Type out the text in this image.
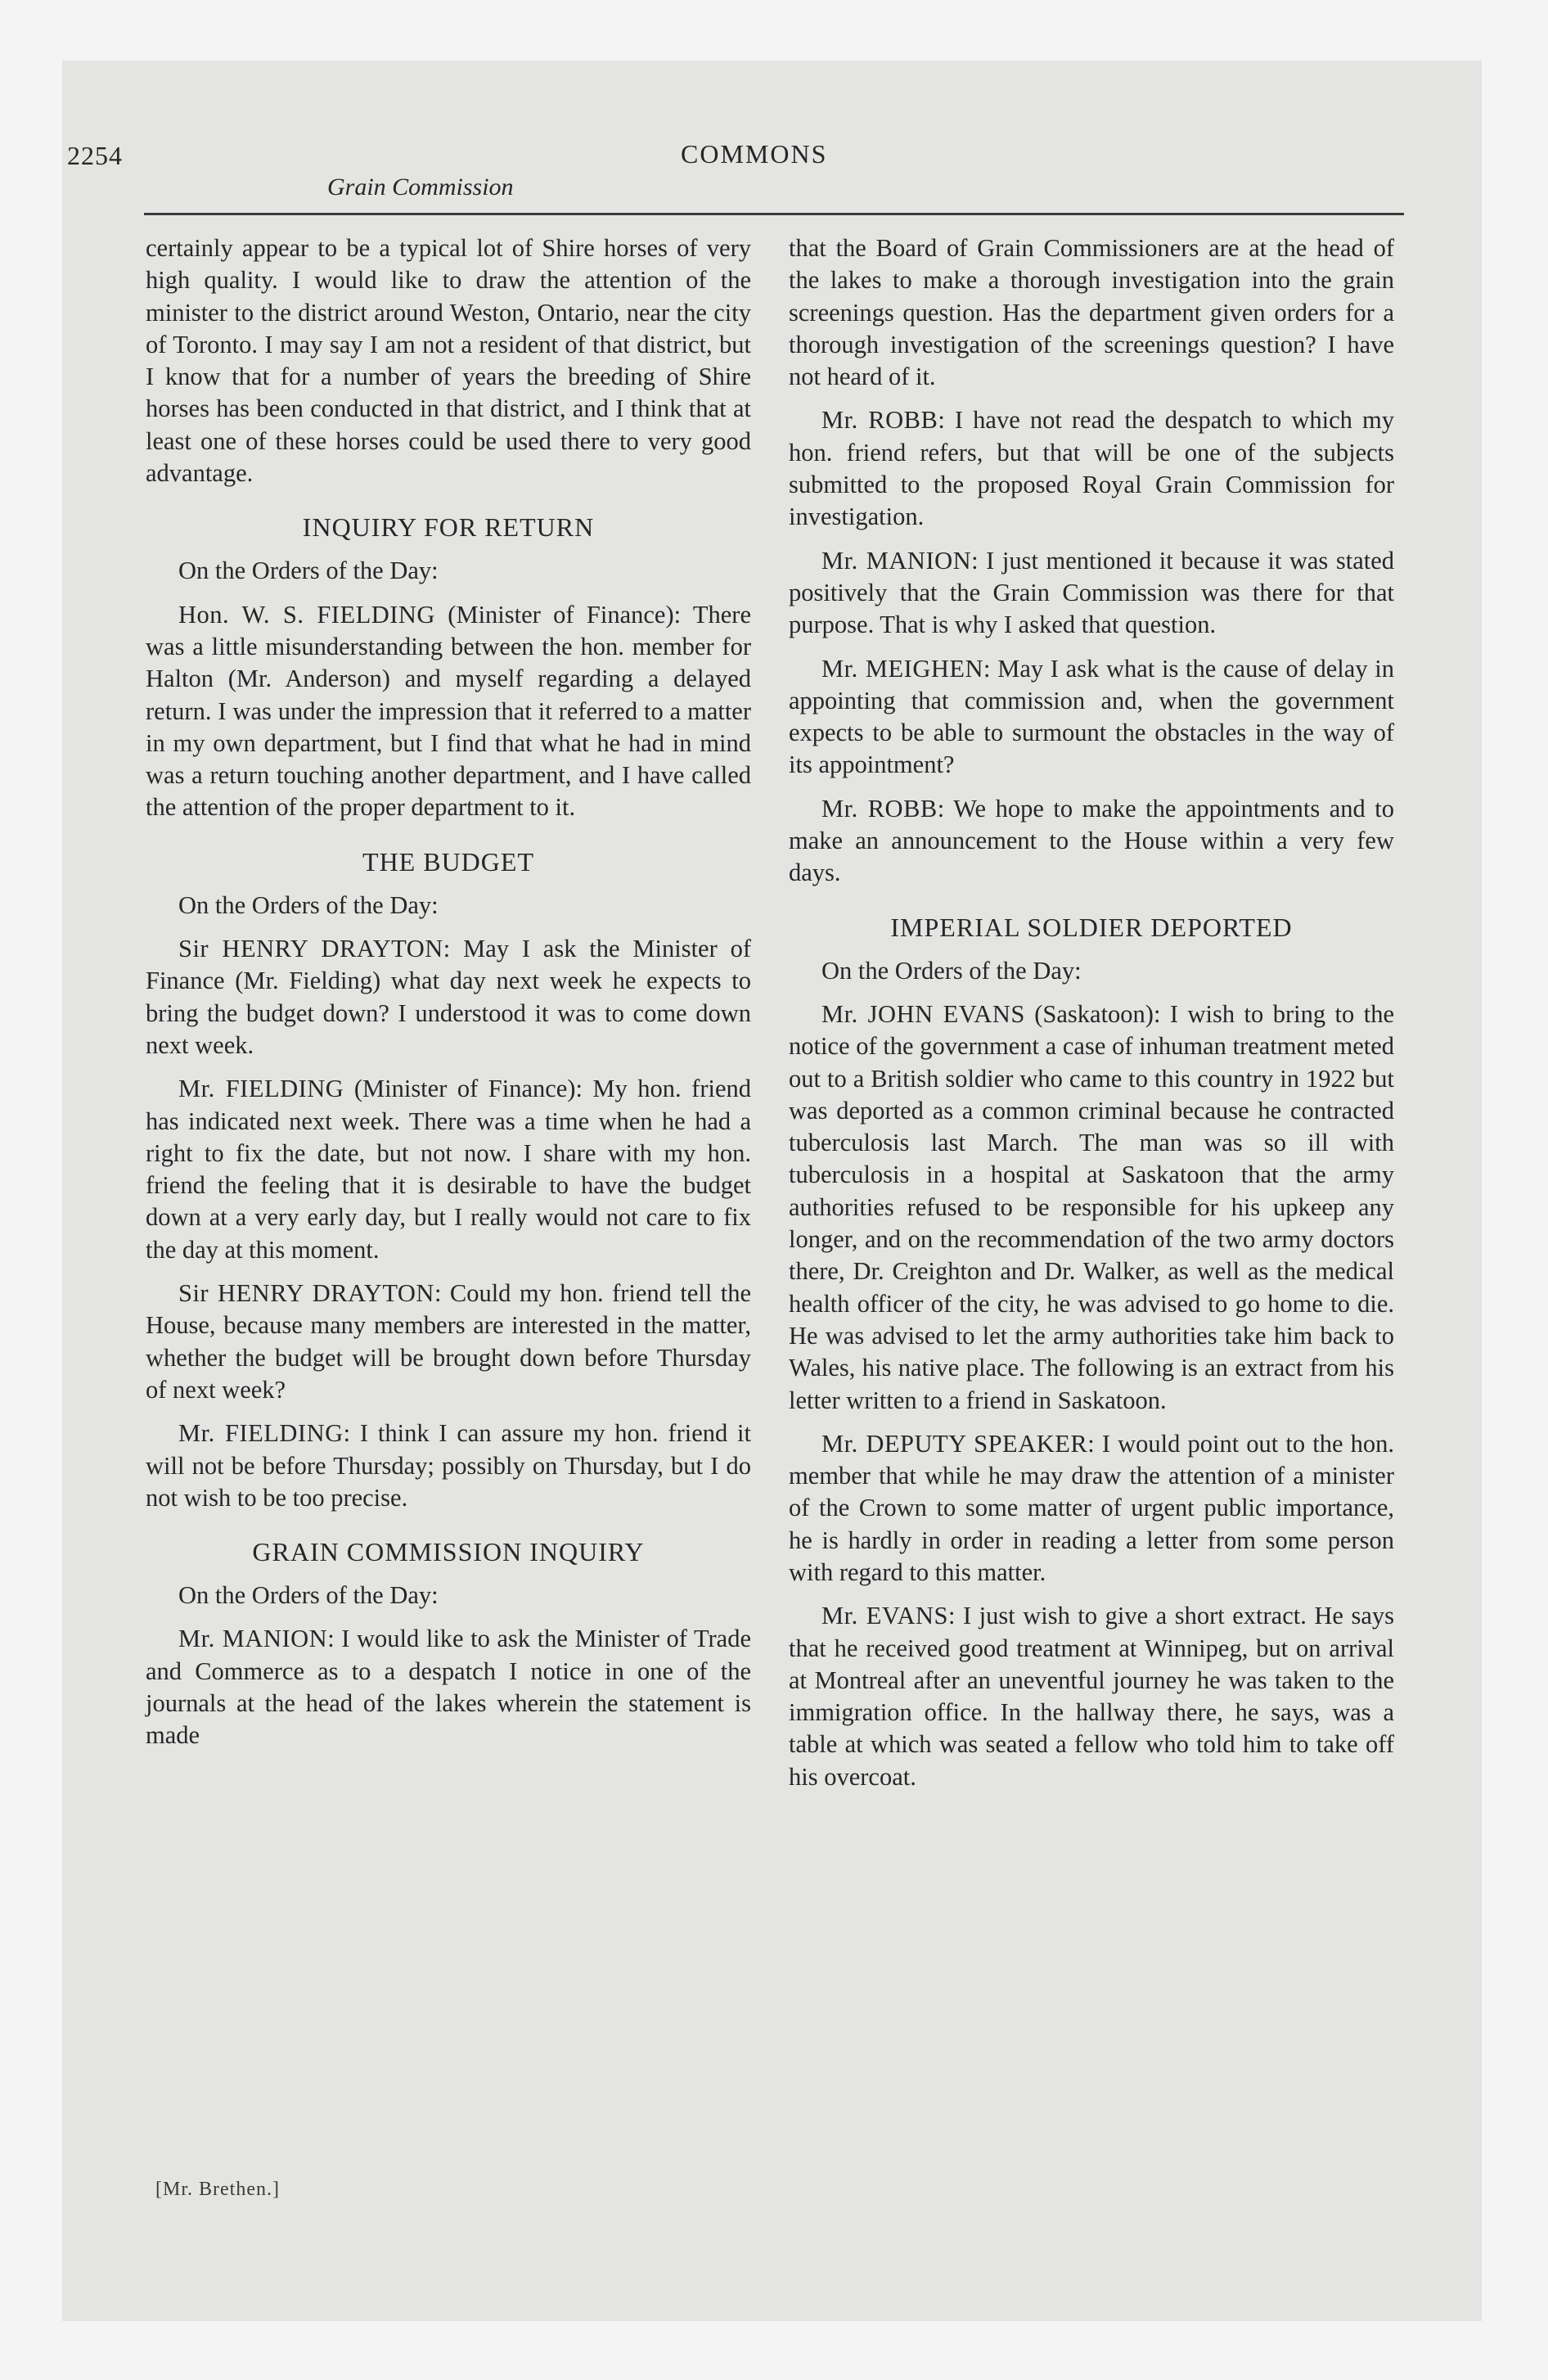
2254	COMMONS
Grain Commission

certainly appear to be a typical lot of Shire horses of very high quality. I would like to draw the attention of the minister to the district around Weston, Ontario, near the city of Toronto. I may say I am not a resident of that district, but I know that for a number of years the breeding of Shire horses has been conducted in that district, and I think that at least one of these horses could be used there to very good advantage.

INQUIRY FOR RETURN

On the Orders of the Day:

Hon. W. S. FIELDING (Minister of Finance): There was a little misunderstanding between the hon. member for Halton (Mr. Anderson) and myself regarding a delayed return. I was under the impression that it referred to a matter in my own department, but I find that what he had in mind was a return touching another department, and I have called the attention of the proper department to it.

THE BUDGET

On the Orders of the Day:

Sir HENRY DRAYTON: May I ask the Minister of Finance (Mr. Fielding) what day next week he expects to bring the budget down? I understood it was to come down next week.

Mr. FIELDING (Minister of Finance): My hon. friend has indicated next week. There was a time when he had a right to fix the date, but not now. I share with my hon. friend the feeling that it is desirable to have the budget down at a very early day, but I really would not care to fix the day at this moment.

Sir HENRY DRAYTON: Could my hon. friend tell the House, because many members are interested in the matter, whether the budget will be brought down before Thursday of next week?

Mr. FIELDING: I think I can assure my hon. friend it will not be before Thursday; possibly on Thursday, but I do not wish to be too precise.

GRAIN COMMISSION INQUIRY

On the Orders of the Day:

Mr. MANION: I would like to ask the Minister of Trade and Commerce as to a despatch I notice in one of the journals at the head of the lakes wherein the statement is made

that the Board of Grain Commissioners are at the head of the lakes to make a thorough investigation into the grain screenings question. Has the department given orders for a thorough investigation of the screenings question? I have not heard of it.

Mr. ROBB: I have not read the despatch to which my hon. friend refers, but that will be one of the subjects submitted to the proposed Royal Grain Commission for investigation.

Mr. MANION: I just mentioned it because it was stated positively that the Grain Commission was there for that purpose. That is why I asked that question.

Mr. MEIGHEN: May I ask what is the cause of delay in appointing that commission and, when the government expects to be able to surmount the obstacles in the way of its appointment?

Mr. ROBB: We hope to make the appointments and to make an announcement to the House within a very few days.

IMPERIAL SOLDIER DEPORTED

On the Orders of the Day:

Mr. JOHN EVANS (Saskatoon): I wish to bring to the notice of the government a case of inhuman treatment meted out to a British soldier who came to this country in 1922 but was deported as a common criminal because he contracted tuberculosis last March. The man was so ill with tuberculosis in a hospital at Saskatoon that the army authorities refused to be responsible for his upkeep any longer, and on the recommendation of the two army doctors there, Dr. Creighton and Dr. Walker, as well as the medical health officer of the city, he was advised to go home to die. He was advised to let the army authorities take him back to Wales, his native place. The following is an extract from his letter written to a friend in Saskatoon.

Mr. DEPUTY SPEAKER: I would point out to the hon. member that while he may draw the attention of a minister of the Crown to some matter of urgent public importance, he is hardly in order in reading a letter from some person with regard to this matter.

Mr. EVANS: I just wish to give a short extract. He says that he received good treatment at Winnipeg, but on arrival at Montreal after an uneventful journey he was taken to the immigration office. In the hallway there, he says, was a table at which was seated a fellow who told him to take off his overcoat.

[Mr. Brethen.]
